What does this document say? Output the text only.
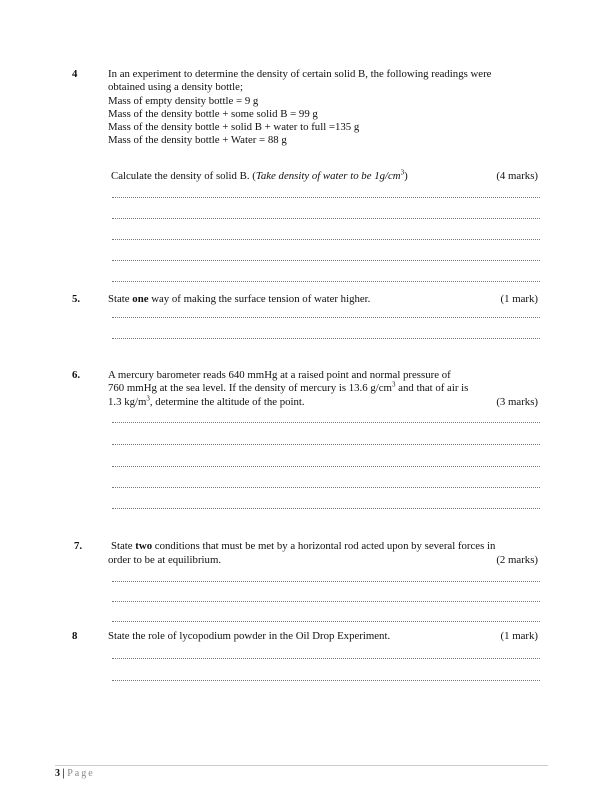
4	In an experiment to determine the density of certain solid B, the following readings were
obtained using a density bottle;
Mass of empty density bottle = 9 g
Mass of the density bottle + some solid B = 99 g
Mass of the density bottle + solid B + water to full =135 g
Mass of the density bottle + Water = 88 g
Calculate the density of solid B. (Take density of water to be $1g/cm^3$)	(4 marks)
5.	State one way of making the surface tension of water higher.	(1 mark)
6.	A mercury barometer reads 640 mmHg at a raised point and normal pressure of
760 mmHg at the sea level. If the density of mercury is 13.6 $g/cm^3$ and that of air is
1.3 $kg/m^3$, determine the altitude of the point.	(3 marks)
7.	State two conditions that must be met by a horizontal rod acted upon by several forces in
order to be at equilibrium.	(2 marks)
8	State the role of lycopodium powder in the Oil Drop Experiment.	(1 mark)
3 | Page
